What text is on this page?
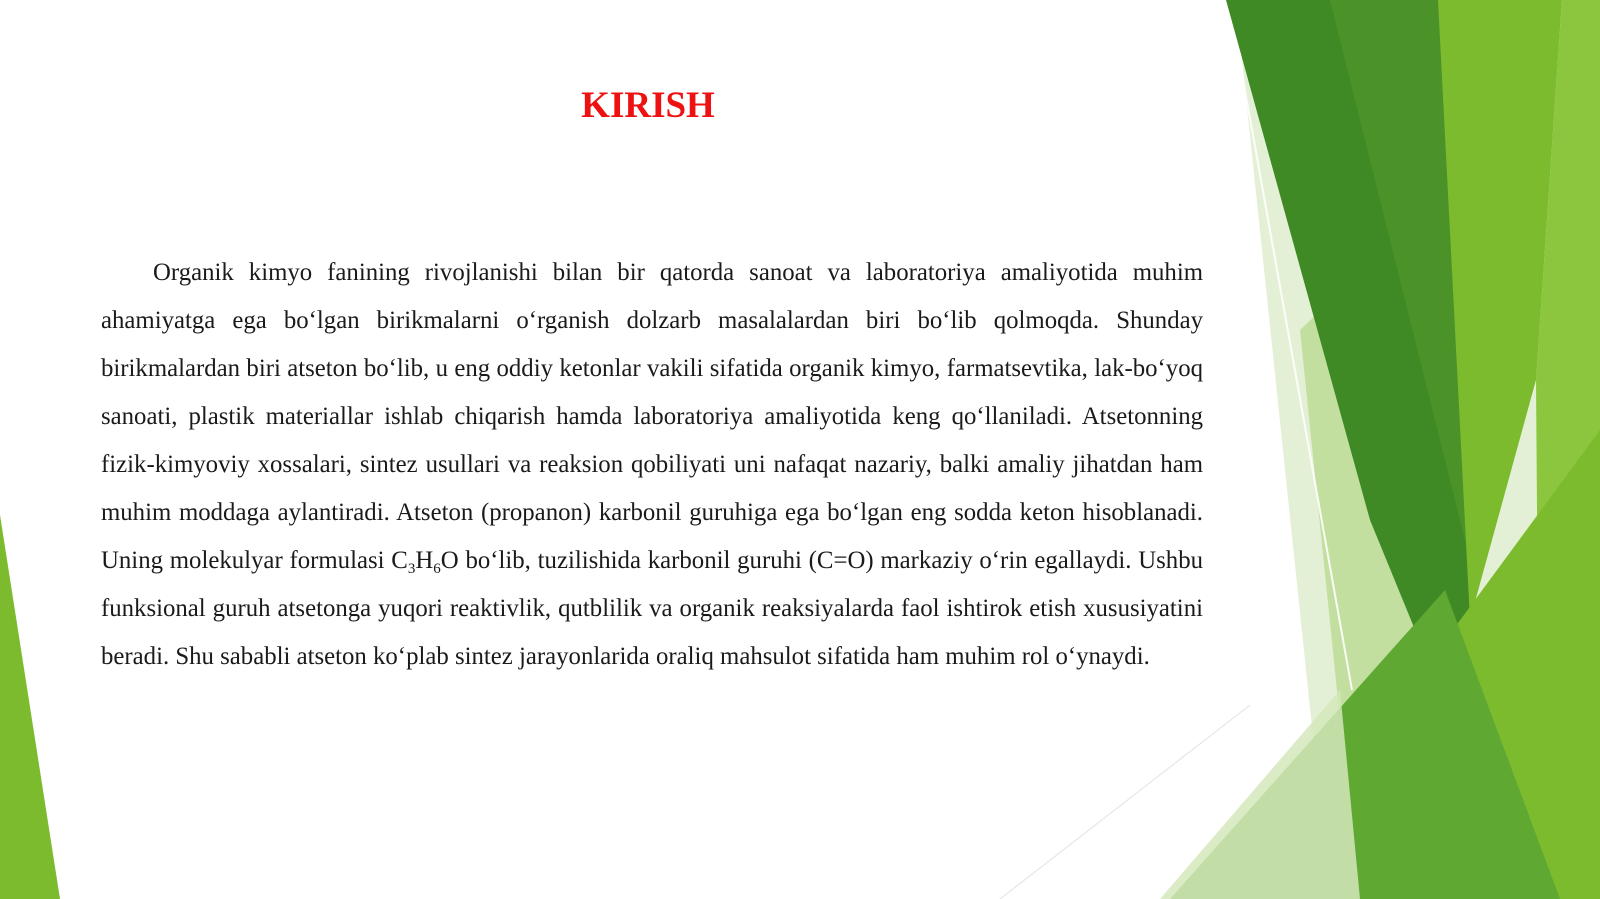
KIRISH

Organik kimyo fanining rivojlanishi bilan bir qatorda sanoat va laboratoriya amaliyotida muhim ahamiyatga ega bo‘lgan birikmalarni o‘rganish dolzarb masalalardan biri bo‘lib qolmoqda. Shunday birikmalardan biri atseton bo‘lib, u eng oddiy ketonlar vakili sifatida organik kimyo, farmatsevtika, lak-bo‘yoq sanoati, plastik materiallar ishlab chiqarish hamda laboratoriya amaliyotida keng qo‘llaniladi. Atsetonning fizik-kimyoviy xossalari, sintez usullari va reaksion qobiliyati uni nafaqat nazariy, balki amaliy jihatdan ham muhim moddaga aylantiradi. Atseton (propanon) karbonil guruhiga ega bo‘lgan eng sodda keton hisoblanadi. Uning molekulyar formulasi $C_3H_6O$ bo‘lib, tuzilishida karbonil guruhi (C=O) markaziy o‘rin egallaydi. Ushbu funksional guruh atsetonga yuqori reaktivlik, qutblilik va organik reaksiyalarda faol ishtirok etish xususiyatini beradi. Shu sababli atseton ko‘plab sintez jarayonlarida oraliq mahsulot sifatida ham muhim rol o‘ynaydi.
